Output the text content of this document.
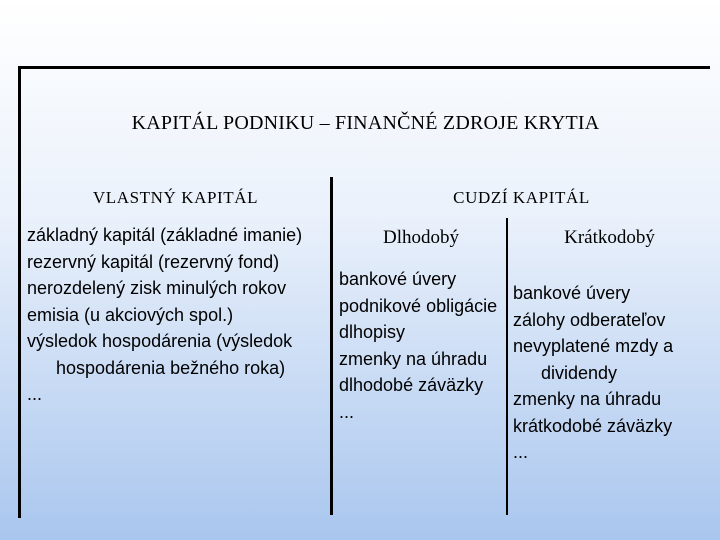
KAPITÁL PODNIKU – FINANČNÉ ZDROJE KRYTIA
VLASTNÝ KAPITÁL	CUDZÍ KAPITÁL
základný kapitál (základné imanie)
rezervný kapitál (rezervný fond)
nerozdelený zisk minulých rokov
emisia (u akciových spol.)
výsledok hospodárenia (výsledok hospodárenia bežného roka)
...
Dlhodobý
bankové úvery
podnikové obligácie
dlhopisy
zmenky na úhradu
dlhodobé záväzky
...
Krátkodobý
bankové úvery
zálohy odberateľov
nevyplatené mzdy a dividendy
zmenky na úhradu
krátkodobé záväzky
...
